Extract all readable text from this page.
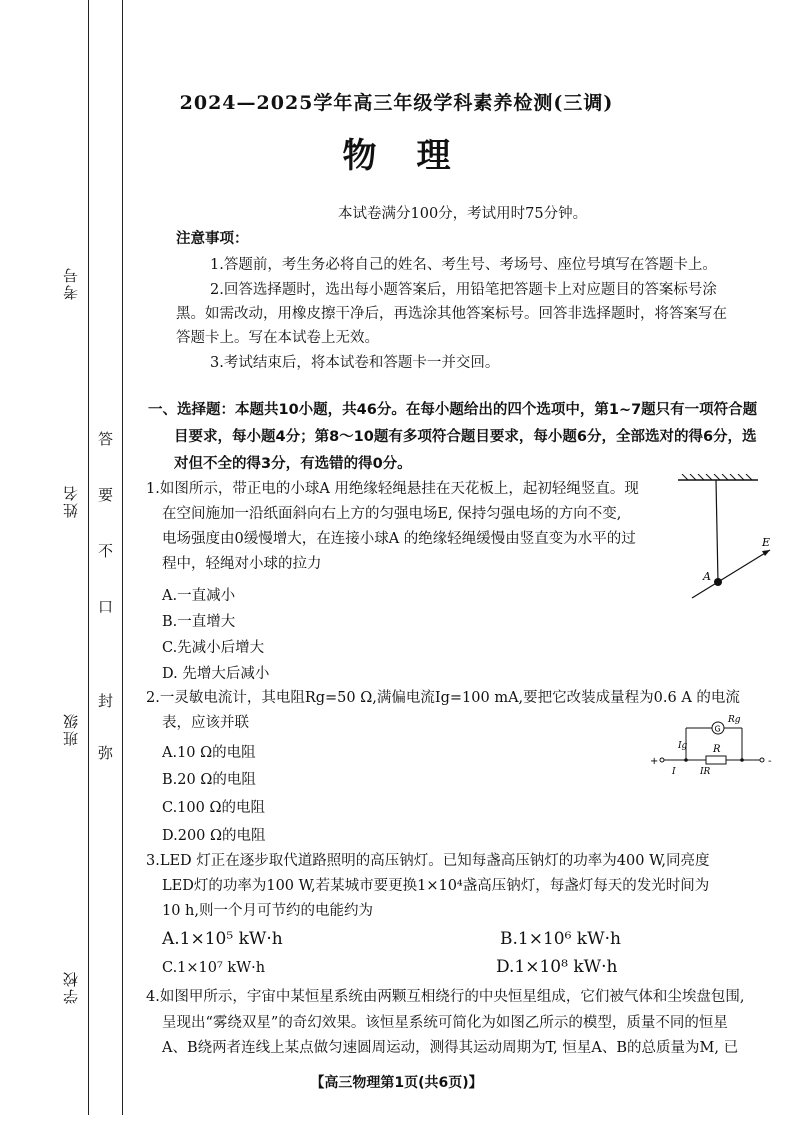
考号
姓名
班级
学校
答
要
不
口
封
弥
2024—2025学年高三年级学科素养检测(三调)
物理
本试卷满分100分，考试用时75分钟。
注意事项：
1.答题前，考生务必将自己的姓名、考生号、考场号、座位号填写在答题卡上。
2.回答选择题时，选出每小题答案后，用铅笔把答题卡上对应题目的答案标号涂
黑。如需改动，用橡皮擦干净后，再选涂其他答案标号。回答非选择题时，将答案写在
答题卡上。写在本试卷上无效。
3.考试结束后，将本试卷和答题卡一并交回。
一、选择题：本题共10小题，共46分。在每小题给出的四个选项中，第1~7题只有一项符合题
目要求，每小题4分；第8～10题有多项符合题目要求，每小题6分，全部选对的得6分，选
对但不全的得3分，有选错的得0分。
1.如图所示，带正电的小球A 用绝缘轻绳悬挂在天花板上，起初轻绳竖直。现
在空间施加一沿纸面斜向右上方的匀强电场E, 保持匀强电场的方向不变,
电场强度由0缓慢增大，在连接小球A 的绝缘轻绳缓慢由竖直变为水平的过
程中，轻绳对小球的拉力
A.一直减小
B.一直增大
C.先减小后增大
D. 先增大后减小
E
A
2.一灵敏电流计，其电阻Rg=50 Ω,满偏电流Ig=100 mA,要把它改装成量程为0.6 A 的电流
表，应该并联
A.10 Ω的电阻
B.20 Ω的电阻
C.100 Ω的电阻
D.200 Ω的电阻
+
G
Rg
R
-
Ig
I	IR
3.LED 灯正在逐步取代道路照明的高压钠灯。已知每盏高压钠灯的功率为400 W,同亮度
LED灯的功率为100 W,若某城市要更换1×10⁴盏高压钠灯，每盏灯每天的发光时间为
10 h,则一个月可节约的电能约为
A.1×10⁵ kW·h	B.1×10⁶ kW·h
C.1×10⁷ kW·h	D.1×10⁸ kW·h
4.如图甲所示，宇宙中某恒星系统由两颗互相绕行的中央恒星组成，它们被气体和尘埃盘包围,
呈现出“雾绕双星”的奇幻效果。该恒星系统可简化为如图乙所示的模型，质量不同的恒星
A、B绕两者连线上某点做匀速圆周运动，测得其运动周期为T, 恒星A、B的总质量为M, 已
【高三物理第1页(共6页)】
